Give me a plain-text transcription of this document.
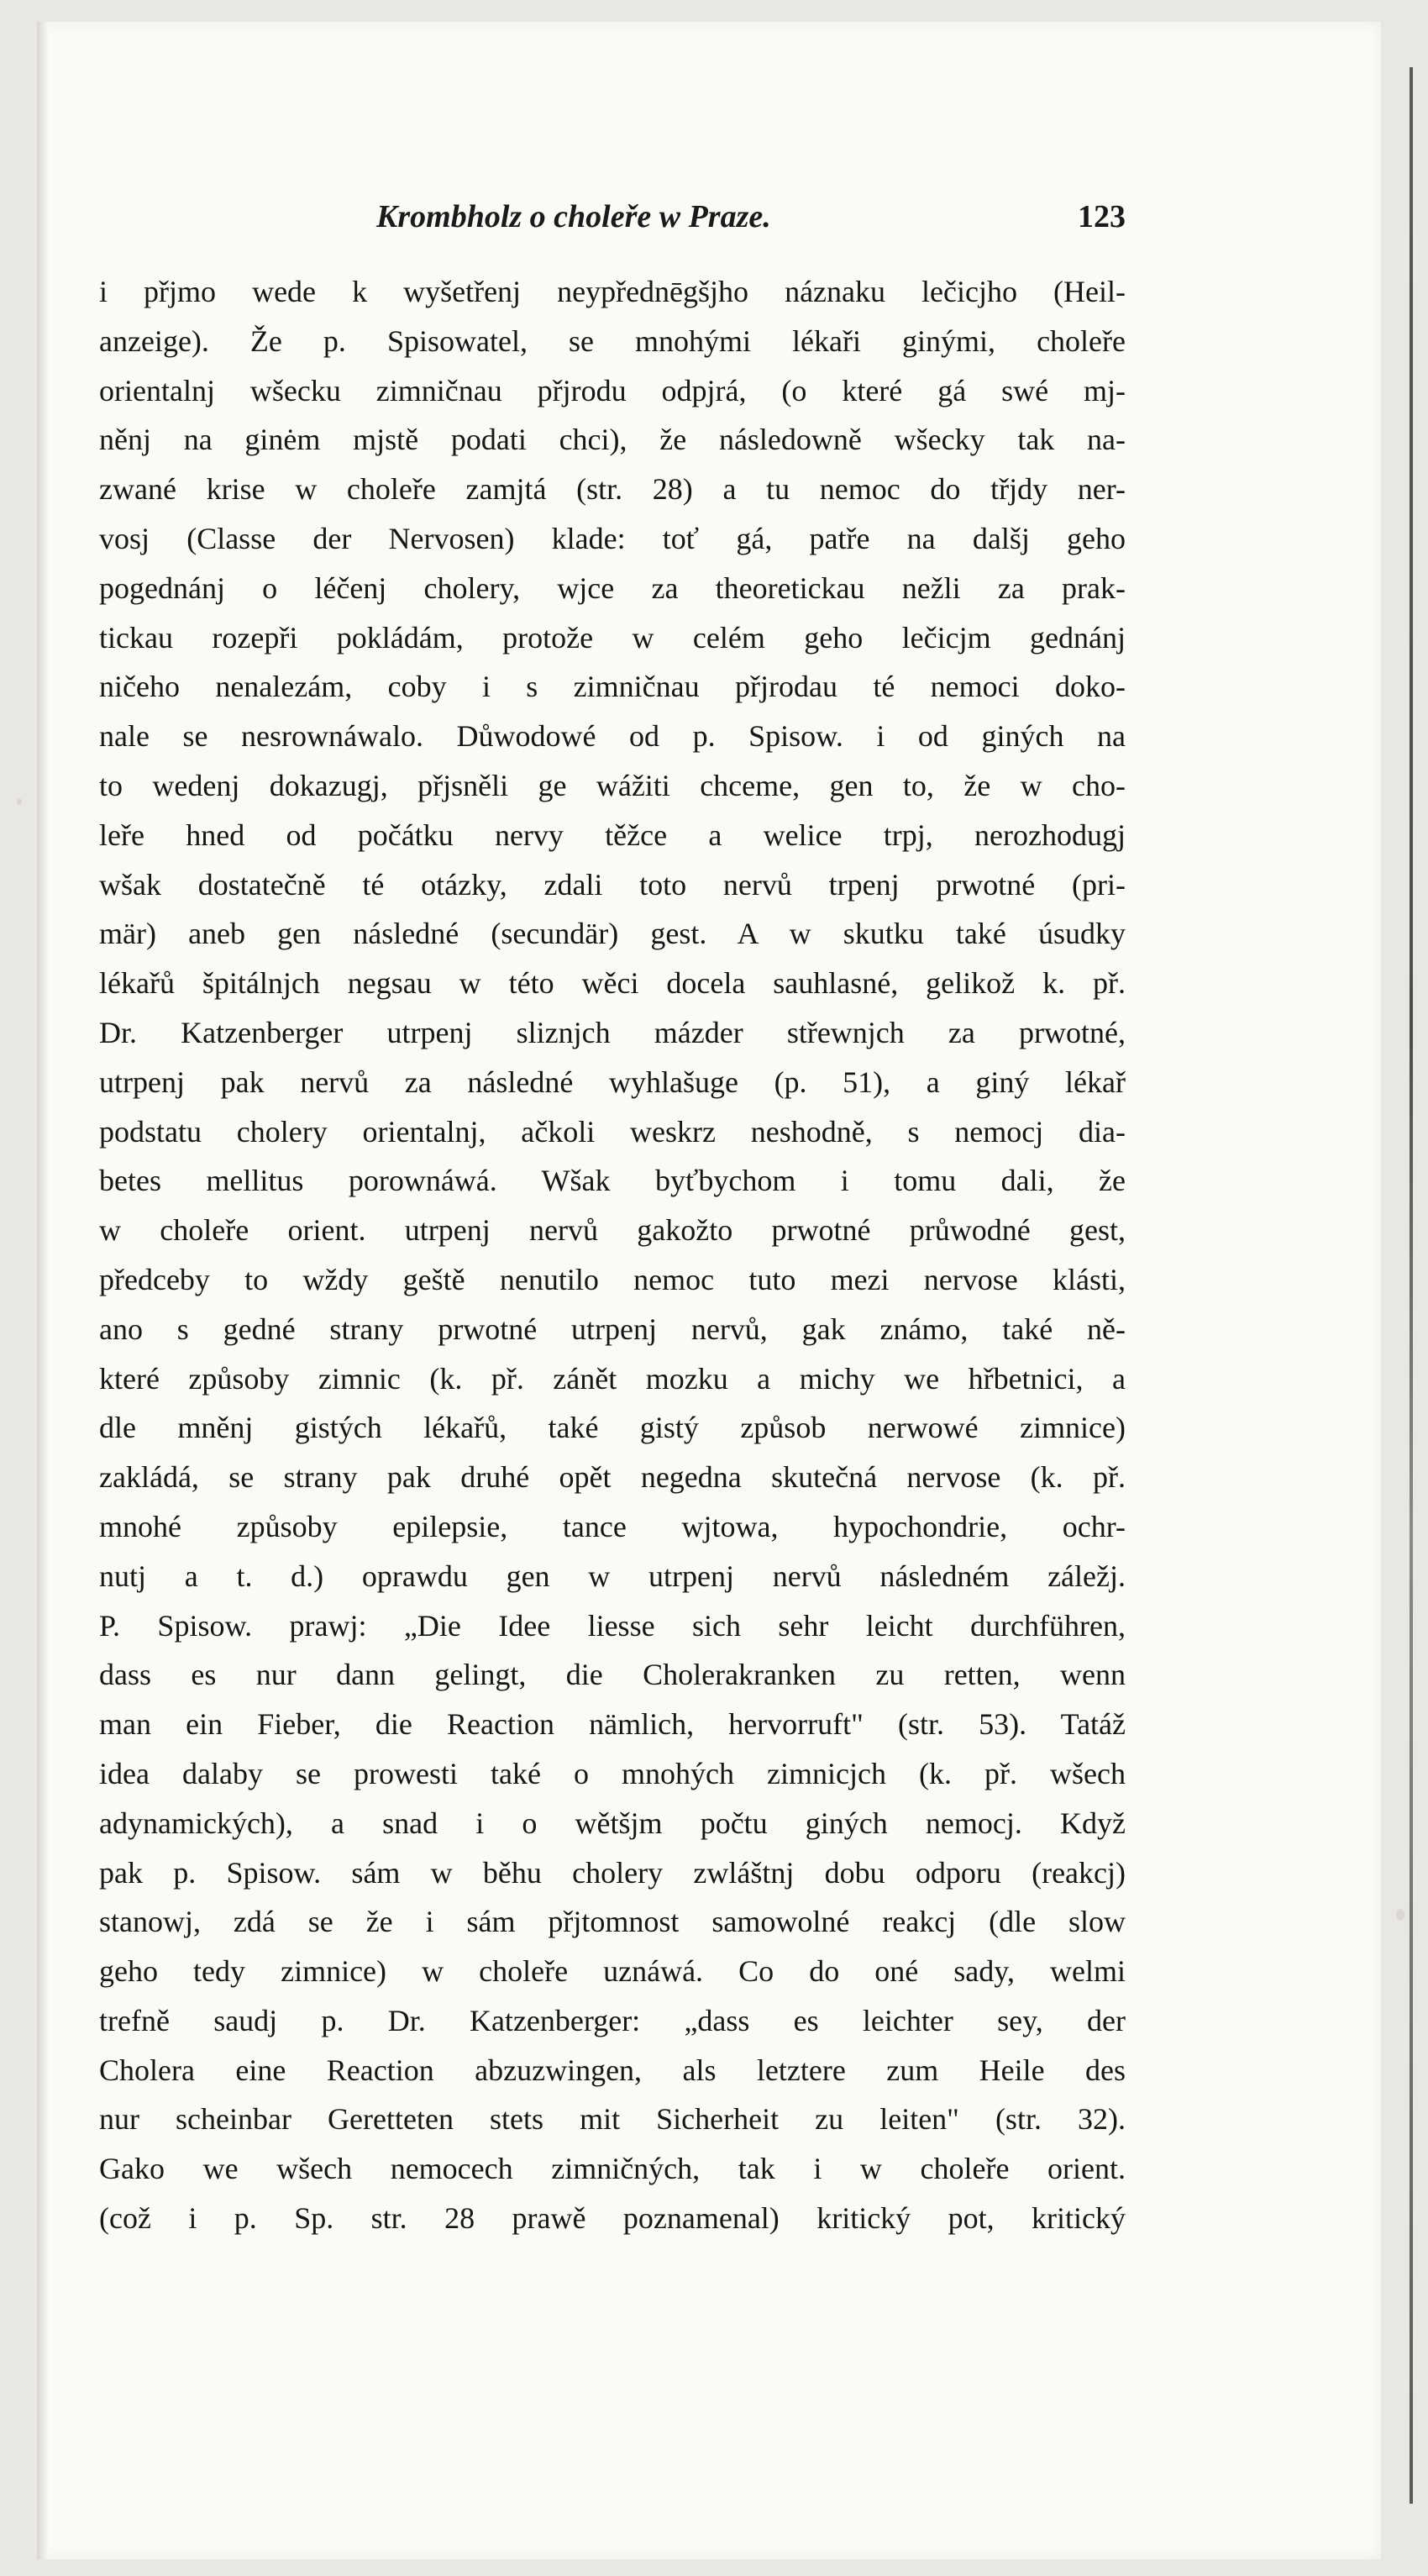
Krombholz o choleře w Praze.	123
i přjmo wede k wyšetřenj neypřednēgšjho náznaku lečicjho (Heil-
anzeige). Že p. Spisowatel, se mnohými lékaři ginými, choleře
orientalnj wšecku zimničnau přjrodu odpjrá, (o které gá swé mj-
něnj na ginėm mjstě podati chci), že následowně wšecky tak na-
zwané krise w choleře zamjtá (str. 28) a tu nemoc do třjdy ner-
vosj (Classe der Nervosen) klade: toť gá, patře na dalšj geho
pogednánj o léčenj cholery, wjce za theoretickau nežli za prak-
tickau rozepři pokládám, protože w celém geho lečicjm gednánj
ničeho nenalezám, coby i s zimničnau přjrodau té nemoci doko-
nale se nesrownáwalo. Důwodowé od p. Spisow. i od giných na
to wedenj dokazugj, přjsněli ge wážiti chceme, gen to, že w cho-
leře hned od počátku nervy těžce a welice trpj, nerozhodugj
wšak dostatečně té otázky, zdali toto nervů trpenj prwotné (pri-
mär) aneb gen následné (secundär) gest. A w skutku také úsudky
lékařů špitálnjch negsau w této wěci docela sauhlasné, gelikož k. př.
Dr. Katzenberger utrpenj sliznjch mázder střewnjch za prwotné,
utrpenj pak nervů za následné wyhlašuge (p. 51), a giný lékař
podstatu cholery orientalnj, ačkoli weskrz neshodně, s nemocj dia-
betes mellitus porownáwá. Wšak byťbychom i tomu dali, že
w choleře orient. utrpenj nervů gakožto prwotné průwodné gest,
předceby to wždy geště nenutilo nemoc tuto mezi nervose klásti,
ano s gedné strany prwotné utrpenj nervů, gak známo, také ně-
které způsoby zimnic (k. př. zánět mozku a michy we hřbetnici, a
dle mněnj gistých lékařů, také gistý způsob nerwowé zimnice)
zakládá, se strany pak druhé opět negedna skutečná nervose (k. př.
mnohé způsoby epilepsie, tance wjtowa, hypochondrie, ochr-
nutj a t. d.) oprawdu gen w utrpenj nervů následném záležj.
P. Spisow. prawj: „Die Idee liesse sich sehr leicht durchführen,
dass es nur dann gelingt, die Cholerakranken zu retten, wenn
man ein Fieber, die Reaction nämlich, hervorruft" (str. 53). Tatáž
idea dalaby se prowesti také o mnohých zimnicjch (k. př. wšech
adynamických), a snad i o wětšjm počtu giných nemocj. Když
pak p. Spisow. sám w běhu cholery zwláštnj dobu odporu (reakcj)
stanowj, zdá se že i sám přjtomnost samowolné reakcj (dle slow
geho tedy zimnice) w choleře uznáwá. Co do oné sady, welmi
trefně saudj p. Dr. Katzenberger: „dass es leichter sey, der
Cholera eine Reaction abzuzwingen, als letztere zum Heile des
nur scheinbar Geretteten stets mit Sicherheit zu leiten" (str. 32).
Gako we wšech nemocech zimničných, tak i w choleře orient.
(což i p. Sp. str. 28 prawě poznamenal) kritický pot, kritický
